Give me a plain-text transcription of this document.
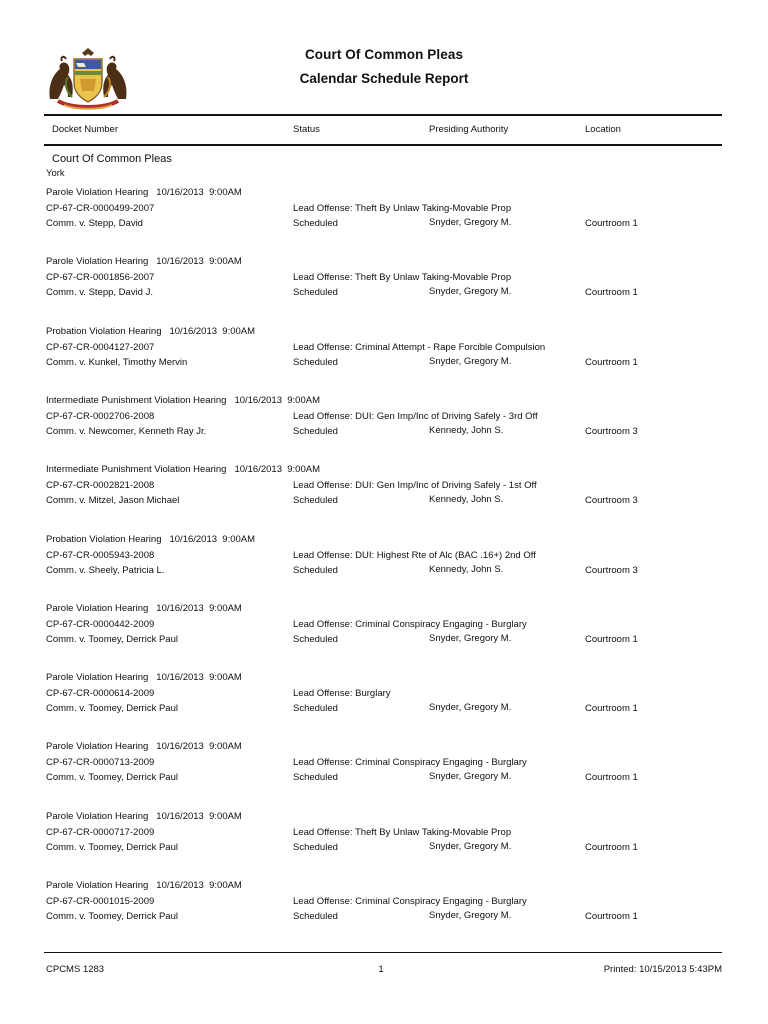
Court Of Common Pleas
Calendar Schedule Report
Docket Number	Status	Presiding Authority	Location
Court Of Common Pleas
York
Parole Violation Hearing 10/16/2013  9:00AM
CP-67-CR-0000499-2007
Comm. v. Stepp, David
Lead Offense: Theft By Unlaw Taking-Movable Prop
Scheduled	Snyder, Gregory M.	Courtroom 1
Parole Violation Hearing 10/16/2013  9:00AM
CP-67-CR-0001856-2007
Comm. v. Stepp, David J.
Lead Offense: Theft By Unlaw Taking-Movable Prop
Scheduled	Snyder, Gregory M.	Courtroom 1
Probation Violation Hearing 10/16/2013  9:00AM
CP-67-CR-0004127-2007
Comm. v. Kunkel, Timothy Mervin
Lead Offense: Criminal Attempt - Rape Forcible Compulsion
Scheduled	Snyder, Gregory M.	Courtroom 1
Intermediate Punishment Violation Hearing 10/16/2013  9:00AM
CP-67-CR-0002706-2008
Comm. v. Newcomer, Kenneth Ray Jr.
Lead Offense: DUI: Gen Imp/Inc of Driving Safely - 3rd Off
Scheduled	Kennedy, John S.	Courtroom 3
Intermediate Punishment Violation Hearing 10/16/2013  9:00AM
CP-67-CR-0002821-2008
Comm. v. Mitzel, Jason Michael
Lead Offense: DUI: Gen Imp/Inc of Driving Safely - 1st Off
Scheduled	Kennedy, John S.	Courtroom 3
Probation Violation Hearing 10/16/2013  9:00AM
CP-67-CR-0005943-2008
Comm. v. Sheely, Patricia L.
Lead Offense: DUI: Highest Rte of Alc (BAC .16+) 2nd Off
Scheduled	Kennedy, John S.	Courtroom 3
Parole Violation Hearing 10/16/2013  9:00AM
CP-67-CR-0000442-2009
Comm. v. Toomey, Derrick Paul
Lead Offense: Criminal Conspiracy Engaging - Burglary
Scheduled	Snyder, Gregory M.	Courtroom 1
Parole Violation Hearing 10/16/2013  9:00AM
CP-67-CR-0000614-2009
Comm. v. Toomey, Derrick Paul
Lead Offense: Burglary
Scheduled	Snyder, Gregory M.	Courtroom 1
Parole Violation Hearing 10/16/2013  9:00AM
CP-67-CR-0000713-2009
Comm. v. Toomey, Derrick Paul
Lead Offense: Criminal Conspiracy Engaging - Burglary
Scheduled	Snyder, Gregory M.	Courtroom 1
Parole Violation Hearing 10/16/2013  9:00AM
CP-67-CR-0000717-2009
Comm. v. Toomey, Derrick Paul
Lead Offense: Theft By Unlaw Taking-Movable Prop
Scheduled	Snyder, Gregory M.	Courtroom 1
Parole Violation Hearing 10/16/2013  9:00AM
CP-67-CR-0001015-2009
Comm. v. Toomey, Derrick Paul
Lead Offense: Criminal Conspiracy Engaging - Burglary
Scheduled	Snyder, Gregory M.	Courtroom 1
CPCMS 1283	1	Printed: 10/15/2013 5:43PM
